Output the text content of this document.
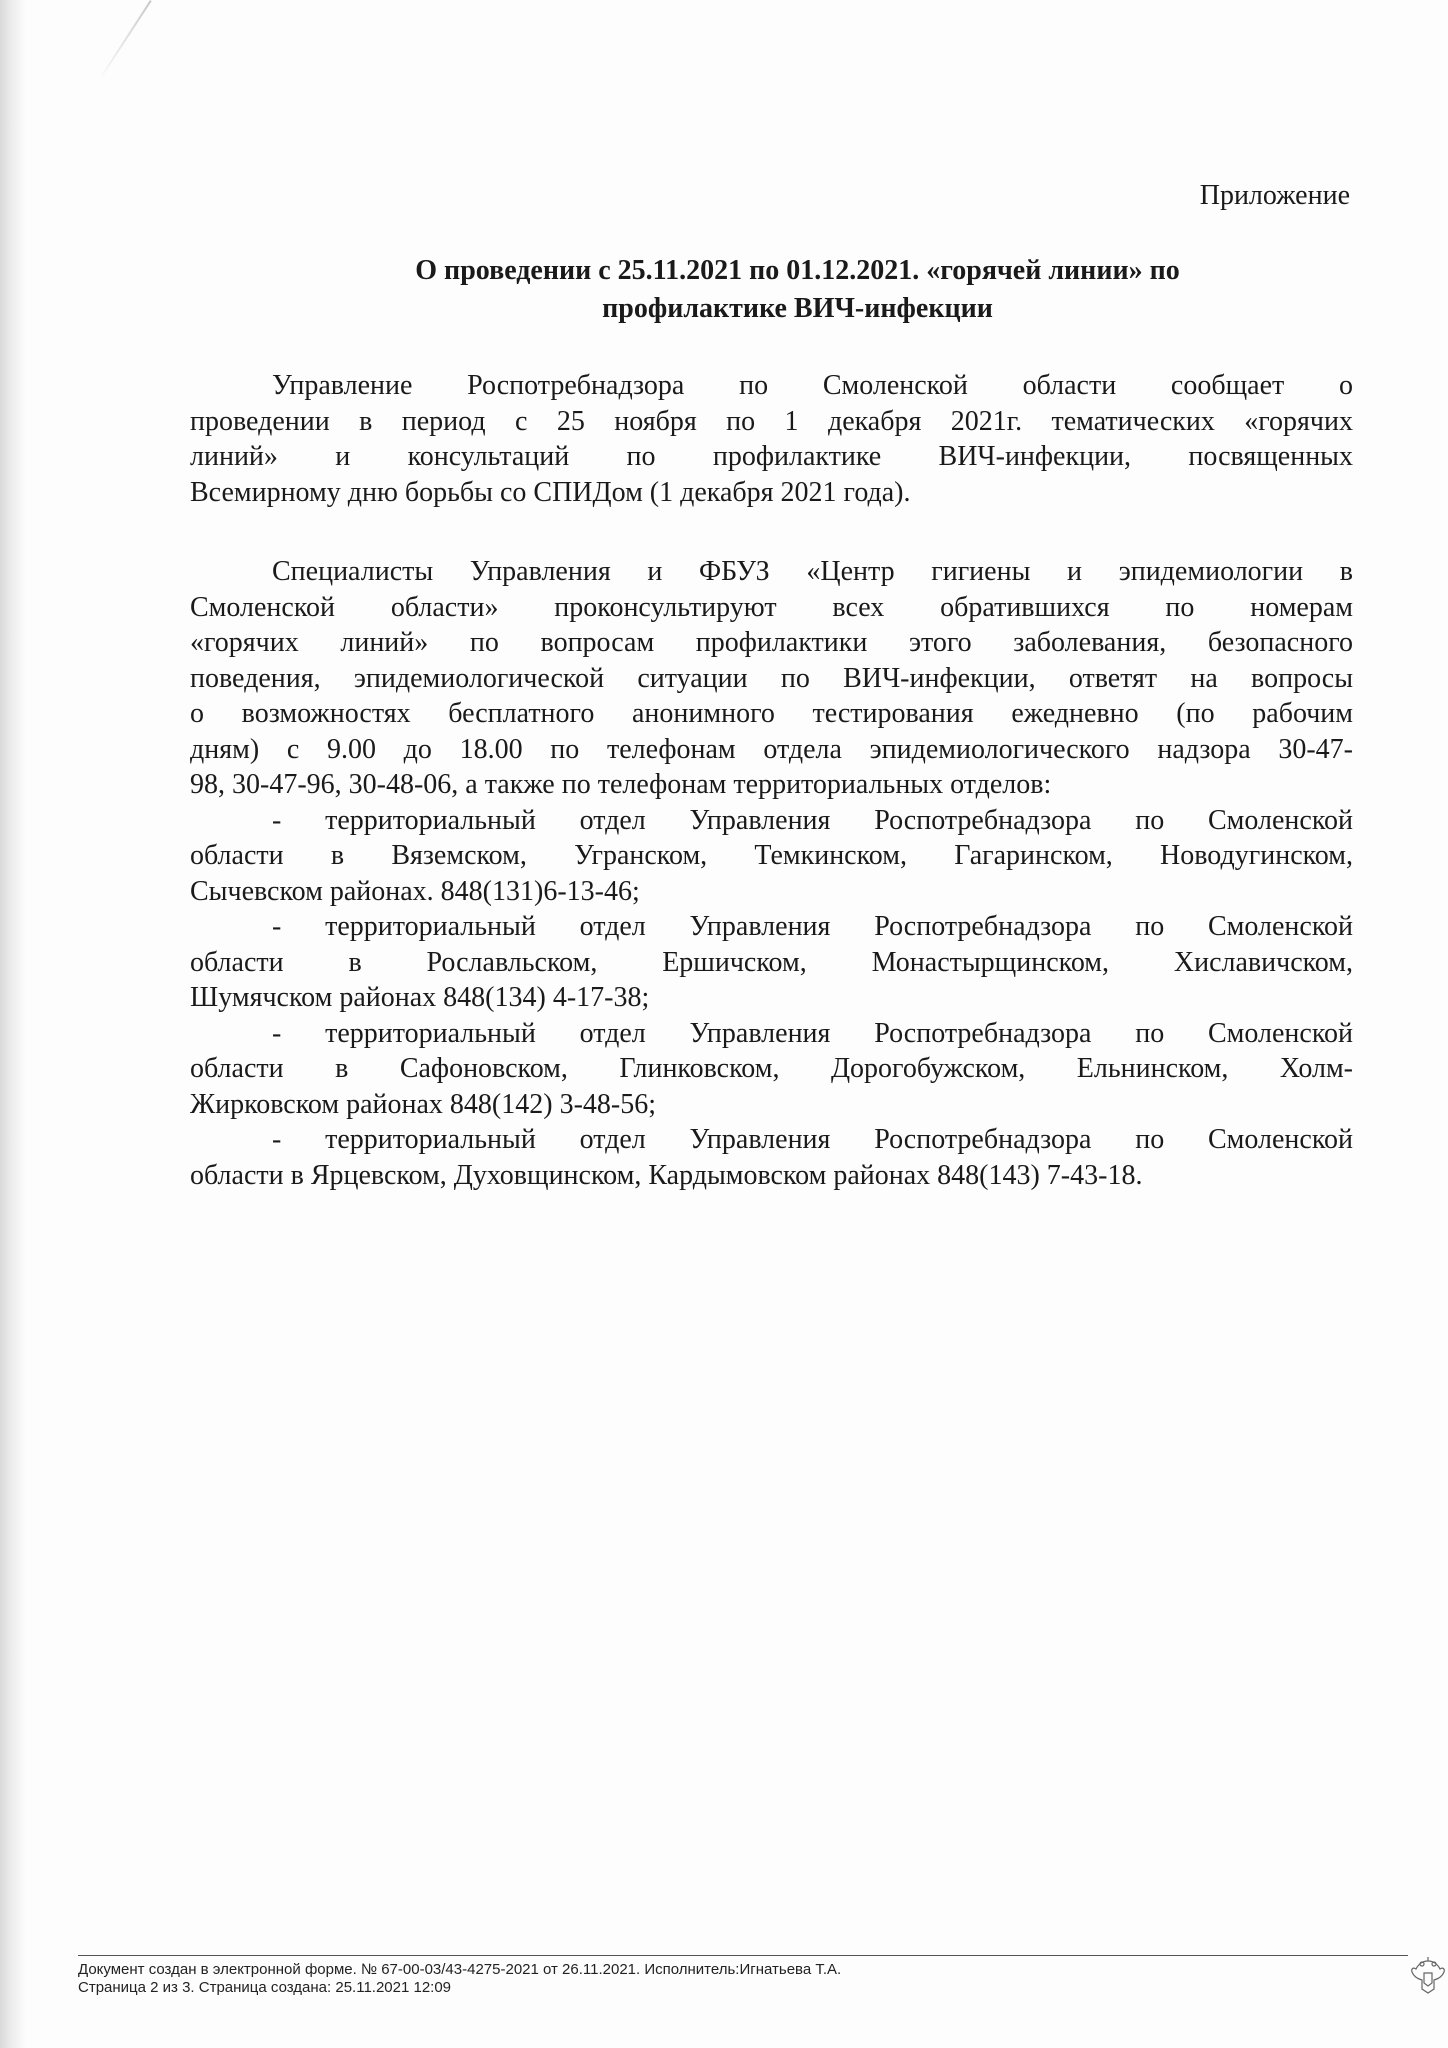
Приложение
О проведении с 25.11.2021 по 01.12.2021. «горячей линии» по
профилактике ВИЧ-инфекции
Управление Роспотребнадзора по Смоленской области сообщает о
проведении в период с 25 ноября по 1 декабря 2021г. тематических «горячих
линий» и консультаций по профилактике ВИЧ-инфекции, посвященных
Всемирному дню борьбы со СПИДом (1 декабря 2021 года).
Специалисты Управления и ФБУЗ «Центр гигиены и эпидемиологии в
Смоленской области» проконсультируют всех обратившихся по номерам
«горячих линий» по вопросам профилактики этого заболевания, безопасного
поведения, эпидемиологической ситуации по ВИЧ-инфекции, ответят на вопросы
о возможностях бесплатного анонимного тестирования ежедневно (по рабочим
дням) с 9.00 до 18.00 по телефонам отдела эпидемиологического надзора 30-47-
98, 30-47-96, 30-48-06, а также по телефонам территориальных отделов:
- территориальный отдел Управления Роспотребнадзора по Смоленской
области в Вяземском, Угранском, Темкинском, Гагаринском, Новодугинском,
Сычевском районах. 848(131)6-13-46;
- территориальный отдел Управления Роспотребнадзора по Смоленской
области в Рославльском, Ершичском, Монастырщинском, Хиславичском,
Шумячском районах 848(134) 4-17-38;
- территориальный отдел Управления Роспотребнадзора по Смоленской
области в Сафоновском, Глинковском, Дорогобужском, Ельнинском, Холм-
Жирковском районах 848(142) 3-48-56;
- территориальный отдел Управления Роспотребнадзора по Смоленской
области в Ярцевском, Духовщинском, Кардымовском районах 848(143) 7-43-18.
Документ создан в электронной форме. № 67-00-03/43-4275-2021 от 26.11.2021. Исполнитель:Игнатьева Т.А.
Страница 2 из 3. Страница создана: 25.11.2021 12:09
